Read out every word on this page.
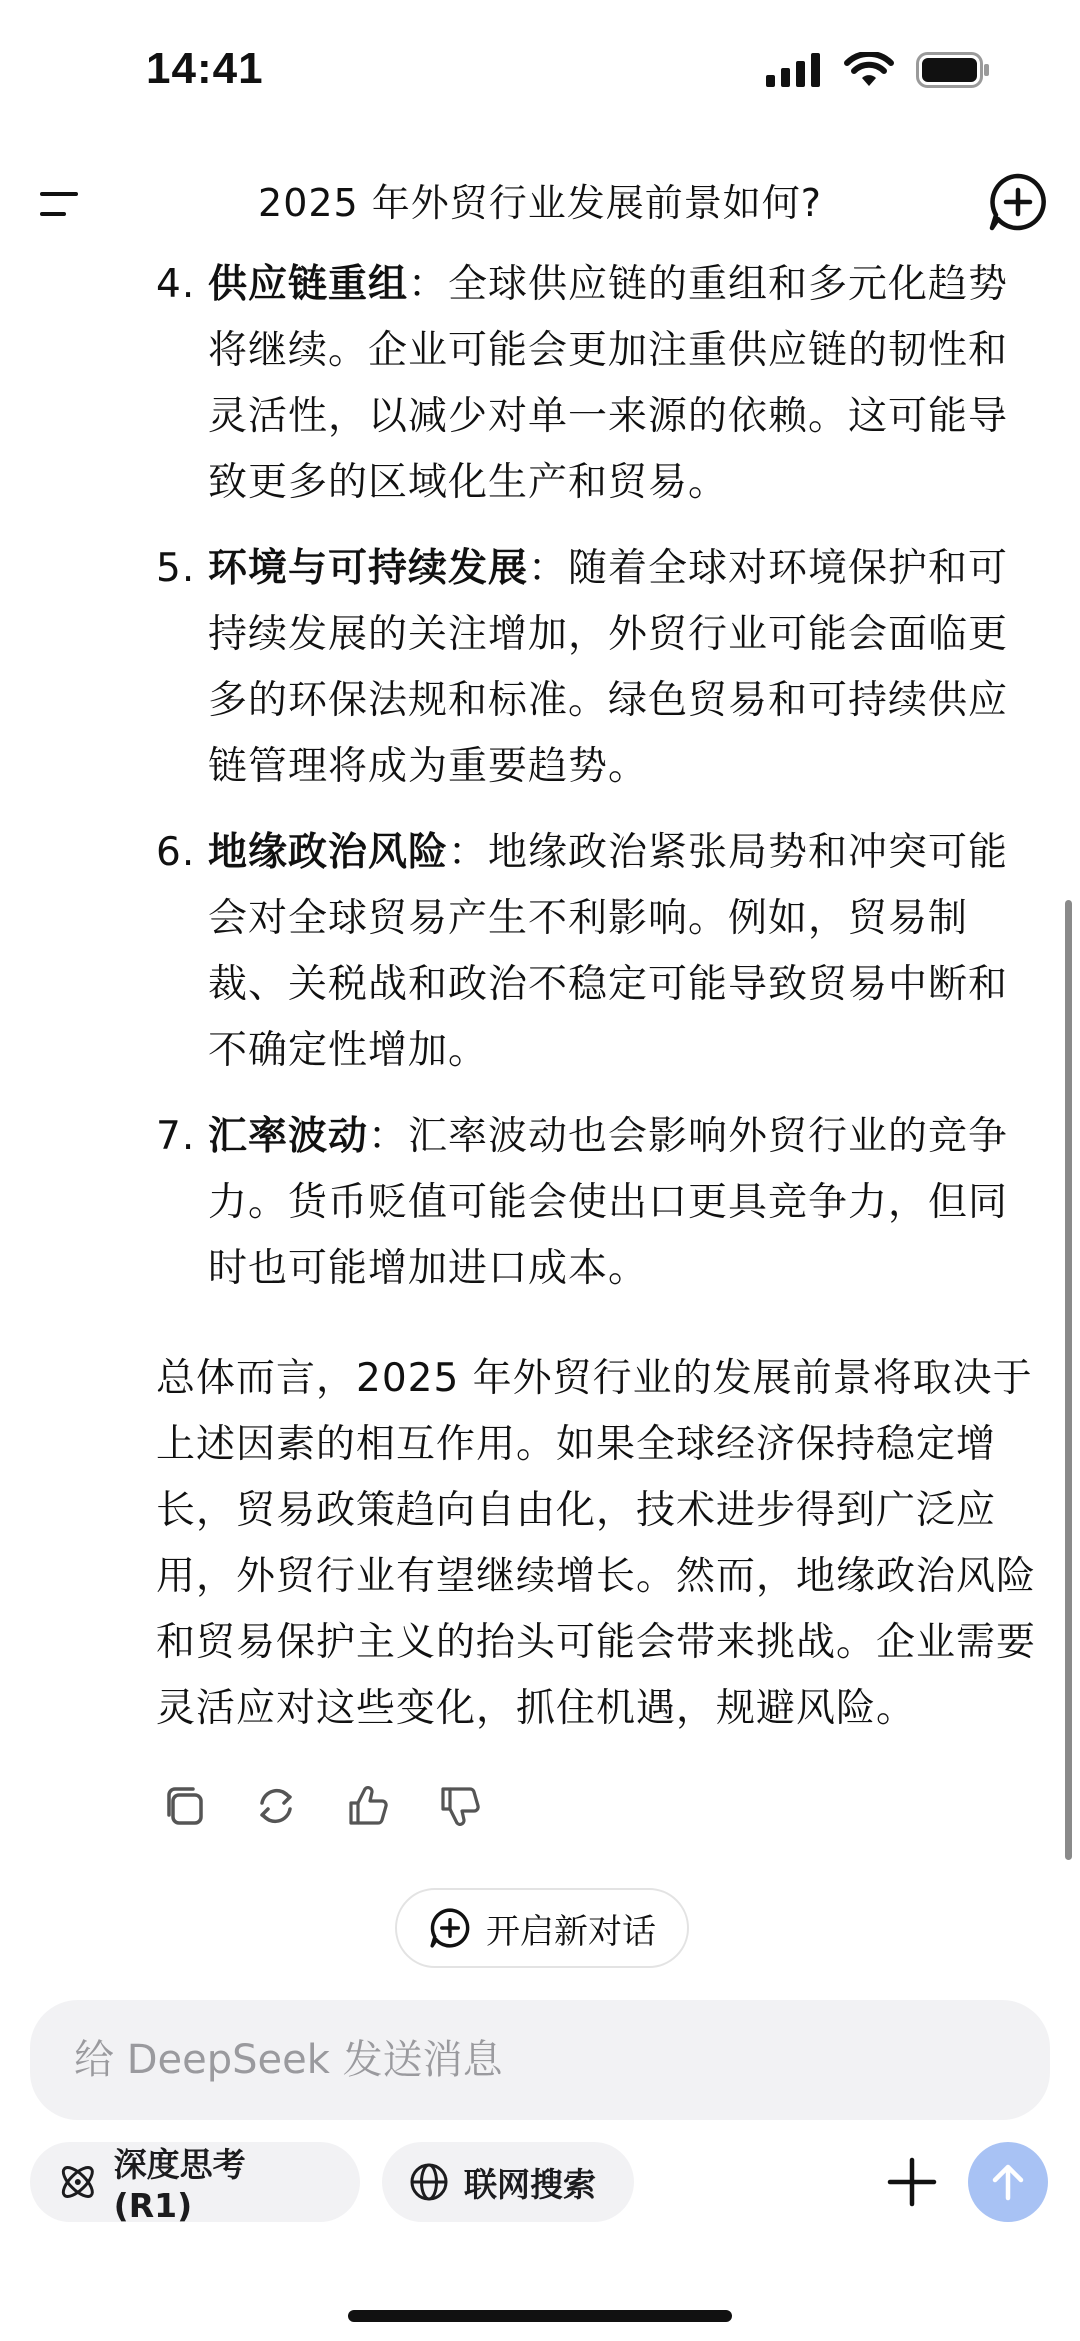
14:41
2025 年外贸行业发展前景如何?
4. 供应链重组：全球供应链的重组和多元化趋势将继续。企业可能会更加注重供应链的韧性和灵活性，以减少对单一来源的依赖。这可能导致更多的区域化生产和贸易。
5. 环境与可持续发展：随着全球对环境保护和可持续发展的关注增加，外贸行业可能会面临更多的环保法规和标准。绿色贸易和可持续供应链管理将成为重要趋势。
6. 地缘政治风险：地缘政治紧张局势和冲突可能会对全球贸易产生不利影响。例如，贸易制裁、关税战和政治不稳定可能导致贸易中断和不确定性增加。
7. 汇率波动：汇率波动也会影响外贸行业的竞争力。货币贬值可能会使出口更具竞争力，但同时也可能增加进口成本。

总体而言，2025 年外贸行业的发展前景将取决于上述因素的相互作用。如果全球经济保持稳定增长，贸易政策趋向自由化，技术进步得到广泛应用，外贸行业有望继续增长。然而，地缘政治风险和贸易保护主义的抬头可能会带来挑战。企业需要灵活应对这些变化，抓住机遇，规避风险。

开启新对话
给 DeepSeek 发送消息
深度思考 (R1)
联网搜索
